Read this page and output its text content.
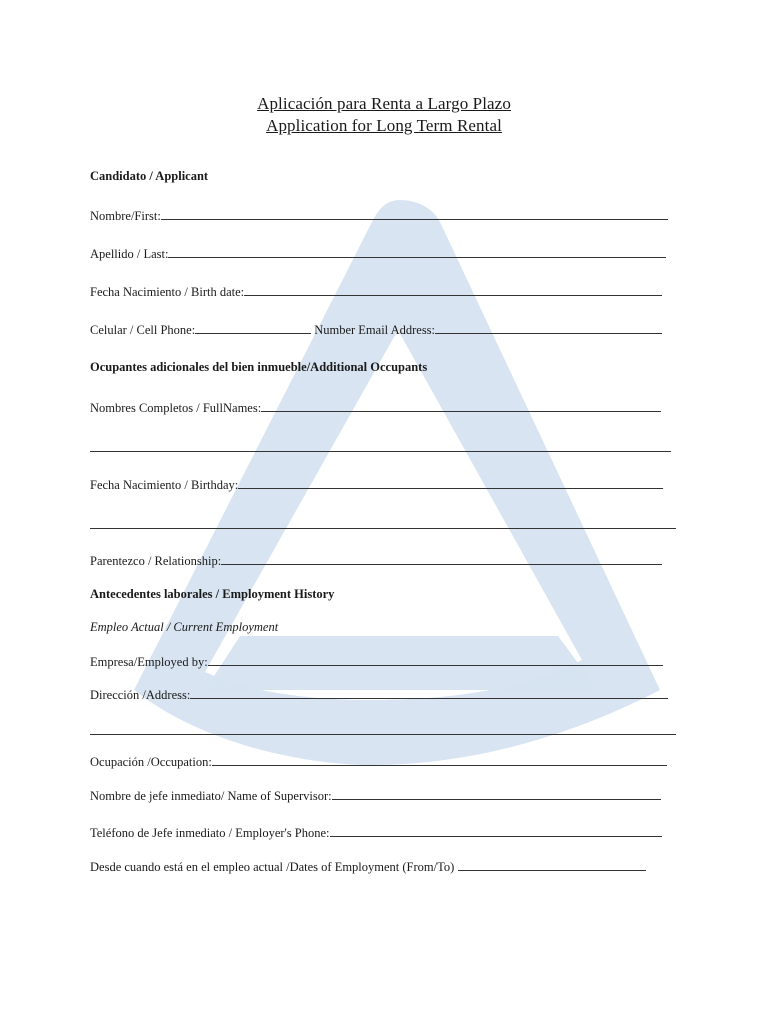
Aplicación para Renta a Largo Plazo
Application for Long Term Rental
Candidato / Applicant
Nombre/First:
Apellido / Last:
Fecha Nacimiento / Birth date:
Celular / Cell Phone:	Number Email Address:
Ocupantes adicionales del bien inmueble/Additional Occupants
Nombres Completos / FullNames:
Fecha Nacimiento / Birthday:
Parentezco / Relationship:
Antecedentes laborales / Employment History
Empleo Actual / Current Employment
Empresa/Employed by:
Dirección /Address:
Ocupación /Occupation:
Nombre de jefe inmediato/ Name of Supervisor:
Teléfono de Jefe inmediato / Employer's Phone:
Desde cuando está en el empleo actual /Dates of Employment (From/To)
